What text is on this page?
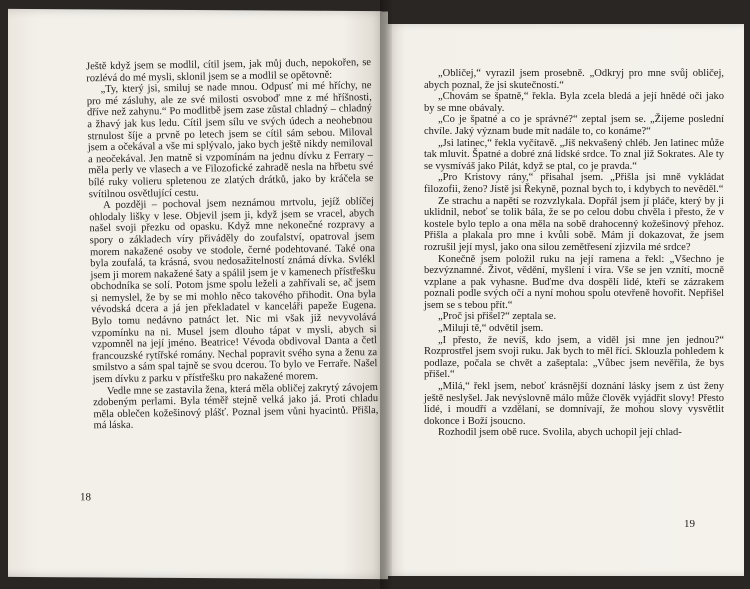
Ještě když jsem se modlil, cítil jsem, jak můj duch, nepokořen, se rozlévá do mé mysli, sklonil jsem se a modlil se opětovně:

„Ty, který jsi, smiluj se nade mnou. Odpusť mi mé hříchy, ne pro mé zásluhy, ale ze své milosti osvoboď mne z mé hříšnosti, dříve než zahynu.“ Po modlitbě jsem zase zůstal chladný – chladný a žhavý jak kus ledu. Cítil jsem sílu ve svých údech a neohebnou strnulost šíje a prvně po letech jsem se cítil sám sebou. Miloval jsem a očekával a vše mi splývalo, jako bych ještě nikdy nemiloval a neočekával. Jen matně si vzpomínám na jednu dívku z Ferrary – měla perly ve vlasech a ve Filozofické zahradě nesla na hřbetu své bílé ruky volieru spletenou ze zlatých drátků, jako by kráčela se svítilnou osvětlující cestu.

A později – pochoval jsem neznámou mrtvolu, jejíž oblíčej ohlodaly lišky v lese. Objevil jsem ji, když jsem se vracel, abych našel svoji přezku od opasku. Když mne nekonečné rozpravy a spory o základech víry přiváděly do zoufalství, opatroval jsem morem nakažené osoby ve stodole, černé podehtované. Také ona byla zoufalá, ta krásná, svou nedosažitelností známá dívka. Svlékl jsem ji morem nakažené šaty a spálil jsem je v kamenech přístřešku obchodníka se solí. Potom jsme spolu leželi a zahřívali se, ač jsem si nemyslel, že by se mi mohlo něco takového přihodit. Ona byla vévodská dcera a já jen překladatel v kanceláři papeže Eugena. Bylo tomu nedávno patnáct let. Nic mi však již nevyvolává vzpomínku na ni. Musel jsem dlouho tápat v mysli, abych si vzpomněl na její jméno. Beatrice! Vévoda obdivoval Danta a četl francouzské rytířské romány. Nechal popravit svého syna a ženu za smilstvo a sám spal tajně se svou dcerou. To bylo ve Ferraře. Našel jsem dívku z parku v přístřešku pro nakažené morem.

Vedle mne se zastavila žena, která měla obličej zakrytý závojem zdobeným perlami. Byla téměř stejně velká jako já. Proti chladu měla oblečen kožešinový plášť. Poznal jsem vůni hyacintů. Přišla, má láska.

18

„Obličej,“ vyrazil jsem prosebně. „Odkryj pro mne svůj obličej, abych poznal, že jsi skutečností.“

„Chovám se špatně,“ řekla. Byla zcela bledá a její hnědé oči jako by se mne obávaly.

„Co je špatné a co je správné?“ zeptal jsem se. „Žijeme poslední chvíle. Jaký význam bude mít nadále to, co konáme?“

„Jsi latinec,“ řekla vyčítavě. „Jiš nekvašený chléb. Jen latinec může tak mluvit. Špatné a dobré zná lidské srdce. To znal již Sokrates. Ale ty se vysmíváš jako Pilát, když se ptal, co je pravda.“

„Pro Kristovy rány,“ přisahal jsem. „Přišla jsi mně vykládat filozofii, ženo? Jistě jsi Řekyně, poznal bych to, i kdybych to nevěděl.“

Ze strachu a napětí se rozvzlykala. Dopřál jsem jí pláče, který by ji uklidnil, neboť se tolik bála, že se po celou dobu chvěla i přesto, že v kostele bylo teplo a ona měla na sobě drahocenný kožešinový přehoz. Přišla a plakala pro mne i kvůli sobě. Mám ji dokazovat, že jsem rozrušil její mysl, jako ona silou zemětřesení zjizvila mé srdce?

Konečně jsem položil ruku na její ramena a řekl: „Všechno je bezvýznamné. Život, vědění, myšlení i víra. Vše se jen vznítí, mocně vzplane a pak vyhasne. Buďme dva dospělí lidé, kteří se zázrakem poznali podle svých očí a nyní mohou spolu otevřeně hovořit. Nepřišel jsem se s tebou přít.“

„Proč jsi přišel?“ zeptala se.

„Miluji tě,“ odvětil jsem.

„I přesto, že nevíš, kdo jsem, a viděl jsi mne jen jednou?“ Rozprostřel jsem svoji ruku. Jak bych to měl říci. Sklouzla pohledem k podlaze, počala se chvět a zašeptala: „Vůbec jsem nevěřila, že bys přišel.“

„Milá,“ řekl jsem, neboť krásnější doznání lásky jsem z úst ženy ještě neslyšel. Jak nevýslovně málo může člověk vyjádřit slovy! Přesto lidé, i moudří a vzdělaní, se domnívají, že mohou slovy vysvětlit dokonce i Boží jsoucno.

Rozhodil jsem obě ruce. Svolila, abych uchopil její chlad-

19
